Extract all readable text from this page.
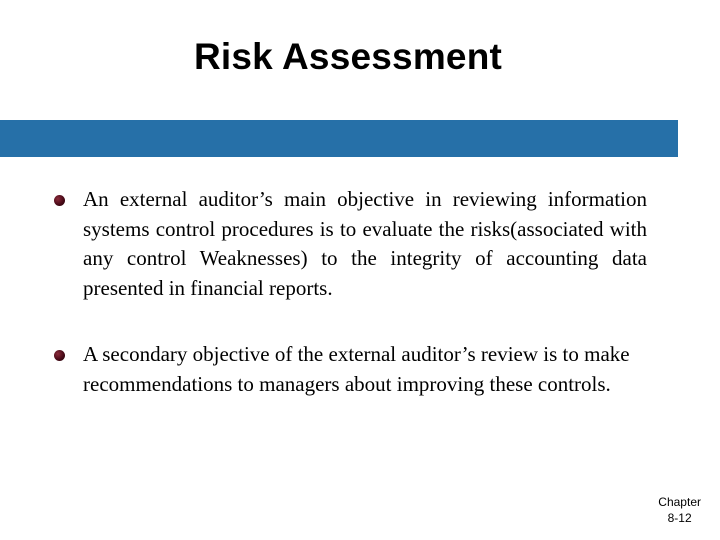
Risk Assessment
An external auditor’s main objective in reviewing information systems control procedures is to evaluate the risks(associated with any control Weaknesses) to the integrity of accounting data presented in financial reports.
A secondary objective of the external auditor’s review is to make recommendations to managers about improving these controls.
Chapter
8-12
